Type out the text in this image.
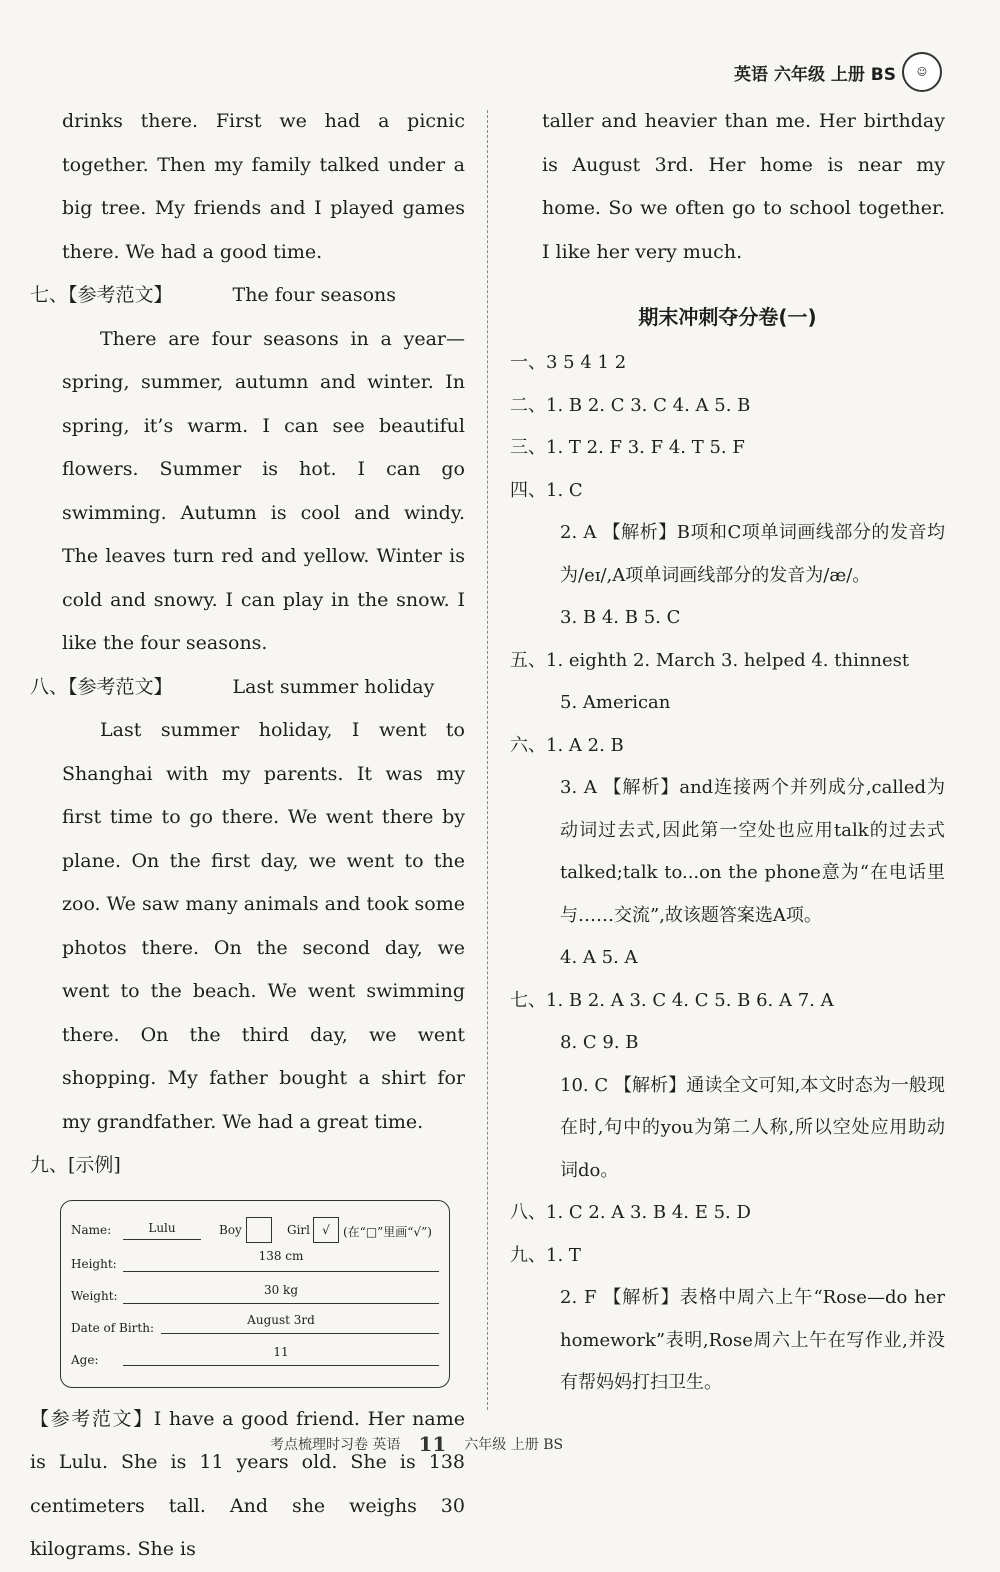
英语 六年级 上册 BS	☺

drinks there. First we had a picnic together. Then my family talked under a big tree. My friends and I played games there. We had a good time.

七、【参考范文】	The four seasons

There are four seasons in a year—spring, summer, autumn and winter. In spring, it’s warm. I can see beautiful flowers. Summer is hot. I can go swimming. Autumn is cool and windy. The leaves turn red and yellow. Winter is cold and snowy. I can play in the snow. I like the four seasons.

八、【参考范文】	Last summer holiday

Last summer holiday, I went to Shanghai with my parents. It was my first time to go there. We went there by plane. On the first day, we went to the zoo. We saw many animals and took some photos there. On the second day, we went to the beach. We went swimming there. On the third day, we went shopping. My father bought a shirt for my grandfather. We had a great time.

九、[示例]
Name:	Lulu	Boy	Girl	√	(在“□”里画“√”)
Height:
138 cm
Weight:	30 kg
Date of Birth:
August 3rd
Age:
11

【参考范文】I have a good friend. Her name is Lulu. She is 11 years old. She is 138 centimeters tall. And she weighs 30 kilograms. She is

taller and heavier than me. Her birthday is August 3rd. Her home is near my home. So we often go to school together. I like her very much.

期末冲刺夺分卷(一)
一、3 5 4 1 2
二、1. B 2. C 3. C 4. A 5. B
三、1. T 2. F 3. F 4. T 5. F
四、1. C
2. A 【解析】B项和C项单词画线部分的发音均为/eɪ/,A项单词画线部分的发音为/æ/。
3. B 4. B 5. C
五、1. eighth 2. March 3. helped 4. thinnest
5. American
六、1. A 2. B
3. A 【解析】and连接两个并列成分,called为动词过去式,因此第一空处也应用talk的过去式talked;talk to...on the phone意为“在电话里与……交流”,故该题答案选A项。
4. A 5. A
七、1. B 2. A 3. C 4. C 5. B 6. A 7. A
8. C 9. B
10. C 【解析】通读全文可知,本文时态为一般现在时,句中的you为第二人称,所以空处应用助动词do。
八、1. C 2. A 3. B 4. E 5. D
九、1. T
2. F 【解析】表格中周六上午“Rose—do her homework”表明,Rose周六上午在写作业,并没有帮妈妈打扫卫生。
考点梳理时习卷 英语 11 六年级 上册 BS
